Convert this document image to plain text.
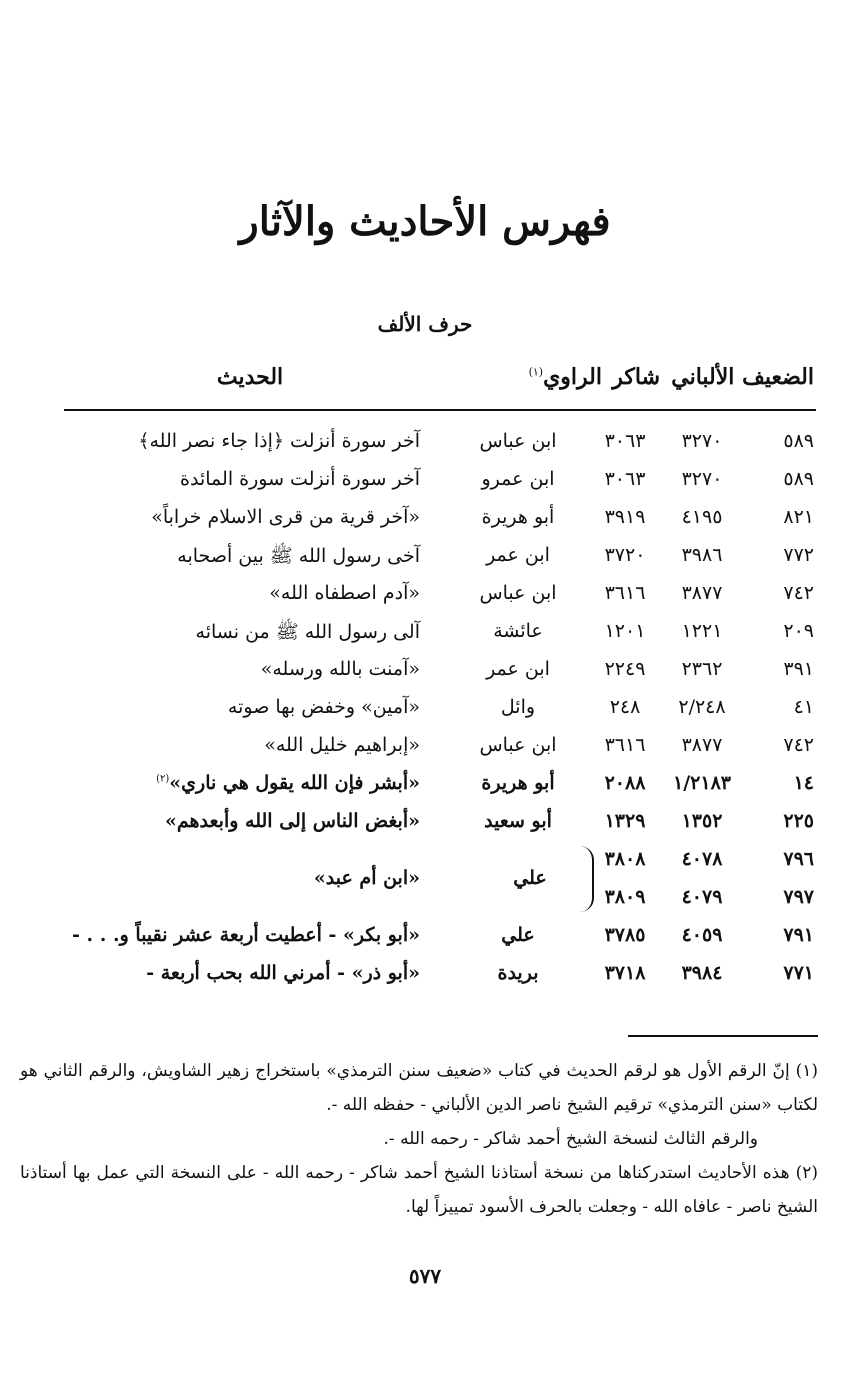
فهرس الأحاديث والآثار
حرف الألف
الضعيف الألباني
شاكر
الراوي$^{(١)}$
الحديث
٥٨٩
٣٢٧٠
٣٠٦٣
ابن عباس
آخر سورة أنزلت ﴿إذا جاء نصر الله﴾
٥٨٩
٣٢٧٠
٣٠٦٣
ابن عمرو
آخر سورة أنزلت سورة المائدة
٨٢١
٤١٩٥
٣٩١٩
أبو هريرة
«آخر قرية من قرى الاسلام خراباً»
٧٧٢
٣٩٨٦
٣٧٢٠
ابن عمر
آخى رسول الله ﷺ بين أصحابه
٧٤٢
٣٨٧٧
٣٦١٦
ابن عباس
«آدم اصطفاه الله»
٢٠٩
١٢٢١
١٢٠١
عائشة
آلى رسول الله ﷺ من نسائه
٣٩١
٢٣٦٢
٢٢٤٩
ابن عمر
«آمنت بالله ورسله»
٤١
٢/٢٤٨
٢٤٨
وائل
«آمين» وخفض بها صوته
٧٤٢
٣٨٧٧
٣٦١٦
ابن عباس
«إبراهيم خليل الله»
١٤
١/٢١٨٣
٢٠٨٨
أبو هريرة
«أبشر فإن الله يقول هي ناري»$^{(٢)}$
٢٢٥
١٣٥٢
١٣٢٩
أبو سعيد
«أبغض الناس إلى الله وأبعدهم»
٧٩٦
٤٠٧٨
٣٨٠٨
٧٩٧
٤٠٧٩
٣٨٠٩
علي
«ابن أم عبد»
٧٩١
٤٠٥٩
٣٧٨٥
علي
«أبو بكر» - أعطيت أربعة عشر نقيباً و. . . -
٧٧١
٣٩٨٤
٣٧١٨
بريدة
«أبو ذر» - أمرني الله بحب أربعة -

(١) إنّ الرقم الأول هو لرقم الحديث في كتاب «ضعيف سنن الترمذي» باستخراج زهير الشاويش، والرقم الثاني هو لكتاب «سنن الترمذي» ترقيم الشيخ ناصر الدين الألباني - حفظه الله -.

والرقم الثالث لنسخة الشيخ أحمد شاكر - رحمه الله -.

(٢) هذه الأحاديث استدركناها من نسخة أستاذنا الشيخ أحمد شاكر - رحمه الله - على النسخة التي عمل بها أستاذنا الشيخ ناصر - عافاه الله - وجعلت بالحرف الأسود تمييزاً لها.

٥٧٧
